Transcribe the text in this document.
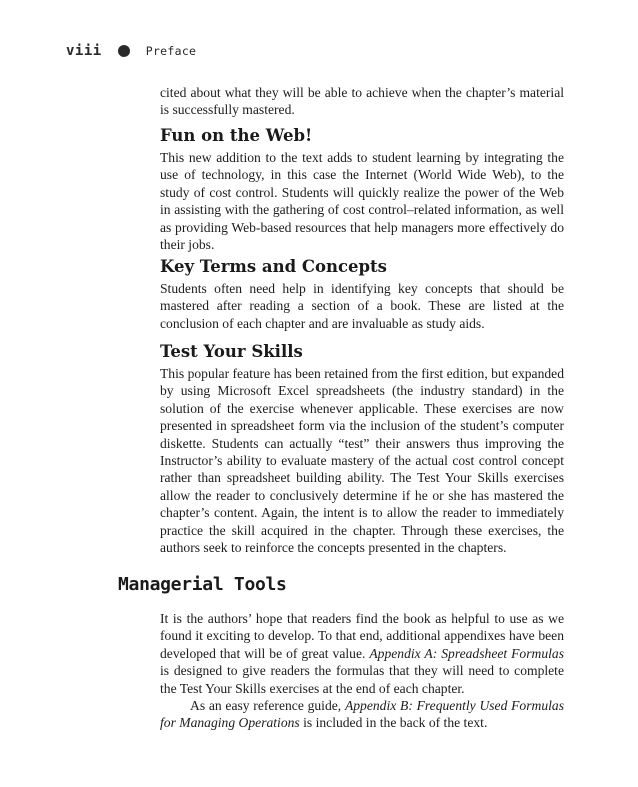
viii	Preface

cited about what they will be able to achieve when the chapter’s material is successfully mastered.

Fun on the Web!

This new addition to the text adds to student learning by integrating the use of technology, in this case the Internet (World Wide Web), to the study of cost control. Students will quickly realize the power of the Web in assisting with the gathering of cost control–related information, as well as providing Web-based resources that help managers more effectively do their jobs.

Key Terms and Concepts

Students often need help in identifying key concepts that should be mastered after reading a section of a book. These are listed at the conclusion of each chapter and are invaluable as study aids.

Test Your Skills

This popular feature has been retained from the first edition, but expanded by using Microsoft Excel spreadsheets (the industry standard) in the solution of the exercise whenever applicable. These exercises are now presented in spreadsheet form via the inclusion of the student’s computer diskette. Students can actually “test” their answers thus improving the Instructor’s ability to evaluate mastery of the actual cost control concept rather than spreadsheet building ability. The Test Your Skills exercises allow the reader to conclusively determine if he or she has mastered the chapter’s content. Again, the intent is to allow the reader to immediately practice the skill acquired in the chapter. Through these exercises, the authors seek to reinforce the concepts presented in the chapters.

Managerial Tools

It is the authors’ hope that readers find the book as helpful to use as we found it exciting to develop. To that end, additional appendixes have been developed that will be of great value. Appendix A: Spreadsheet Formulas is designed to give readers the formulas that they will need to complete the Test Your Skills exercises at the end of each chapter.

As an easy reference guide, Appendix B: Frequently Used Formulas for Managing Operations is included in the back of the text.
